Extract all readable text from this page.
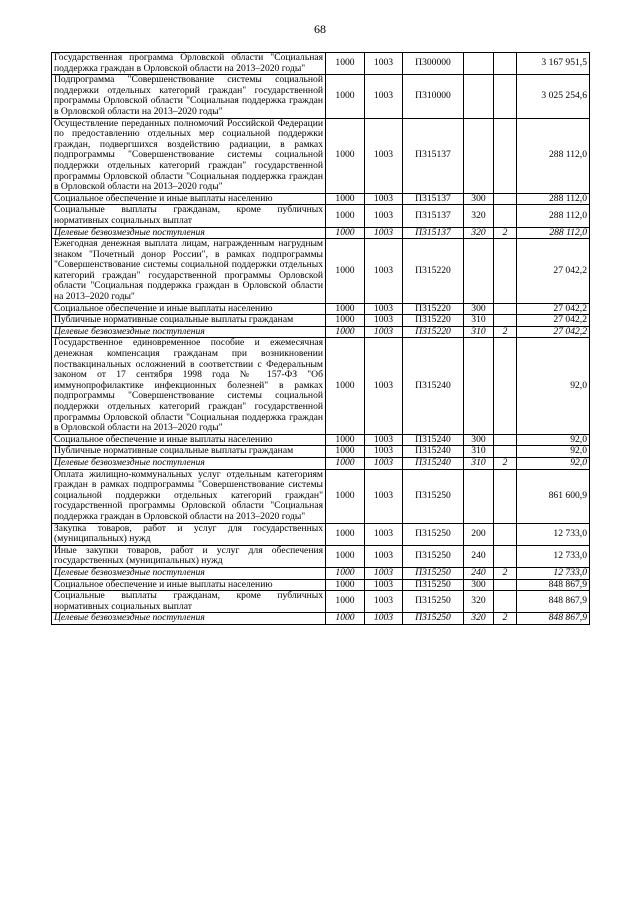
68
Государственная программа Орловской области "Социальная поддержка граждан в Орловской области на 2013–2020 годы"	1000	1003	П300000			3 167 951,5
Подпрограмма "Совершенствование системы социальной поддержки отдельных категорий граждан" государственной программы Орловской области "Социальная поддержка граждан в Орловской области на 2013–2020 годы"	1000	1003	П310000			3 025 254,6
Осуществление переданных полномочий Российской Федерации по предоставлению отдельных мер социальной поддержки граждан, подвергшихся воздействию радиации, в рамках подпрограммы "Совершенствование системы социальной поддержки отдельных категорий граждан" государственной программы Орловской области "Социальная поддержка граждан в Орловской области на 2013–2020 годы"	1000	1003	П315137			288 112,0
Социальное обеспечение и иные выплаты населению	1000	1003	П315137	300		288 112,0
Социальные выплаты гражданам, кроме публичных нормативных социальных выплат	1000	1003	П315137	320		288 112,0
Целевые безвозмездные поступления	1000	1003	П315137	320	2	288 112,0
Ежегодная денежная выплата лицам, награжденным нагрудным знаком "Почетный донор России", в рамках подпрограммы "Совершенствование системы социальной поддержки отдельных категорий граждан" государственной программы Орловской области "Социальная поддержка граждан в Орловской области на 2013–2020 годы"	1000	1003	П315220			27 042,2
Социальное обеспечение и иные выплаты населению	1000	1003	П315220	300		27 042,2
Публичные нормативные социальные выплаты гражданам	1000	1003	П315220	310		27 042,2
Целевые безвозмездные поступления	1000	1003	П315220	310	2	27 042,2
Государственное единовременное пособие и ежемесячная денежная компенсация гражданам при возникновении поствакцинальных осложнений в соответствии с Федеральным законом от 17 сентября 1998 года № 157-ФЗ "Об иммунопрофилактике инфекционных болезней" в рамках подпрограммы "Совершенствование системы социальной поддержки отдельных категорий граждан" государственной программы Орловской области "Социальная поддержка граждан в Орловской области на 2013–2020 годы"	1000	1003	П315240			92,0
Социальное обеспечение и иные выплаты населению	1000	1003	П315240	300		92,0
Публичные нормативные социальные выплаты гражданам	1000	1003	П315240	310		92,0
Целевые безвозмездные поступления	1000	1003	П315240	310	2	92,0
Оплата жилищно-коммунальных услуг отдельным категориям граждан в рамках подпрограммы "Совершенствование системы социальной поддержки отдельных категорий граждан" государственной программы Орловской области "Социальная поддержка граждан в Орловской области на 2013–2020 годы"	1000	1003	П315250			861 600,9
Закупка товаров, работ и услуг для государственных (муниципальных) нужд	1000	1003	П315250	200		12 733,0
Иные закупки товаров, работ и услуг для обеспечения государственных (муниципальных) нужд	1000	1003	П315250	240		12 733,0
Целевые безвозмездные поступления	1000	1003	П315250	240	2	12 733,0
Социальное обеспечение и иные выплаты населению	1000	1003	П315250	300		848 867,9
Социальные выплаты гражданам, кроме публичных нормативных социальных выплат	1000	1003	П315250	320		848 867,9
Целевые безвозмездные поступления	1000	1003	П315250	320	2	848 867,9
